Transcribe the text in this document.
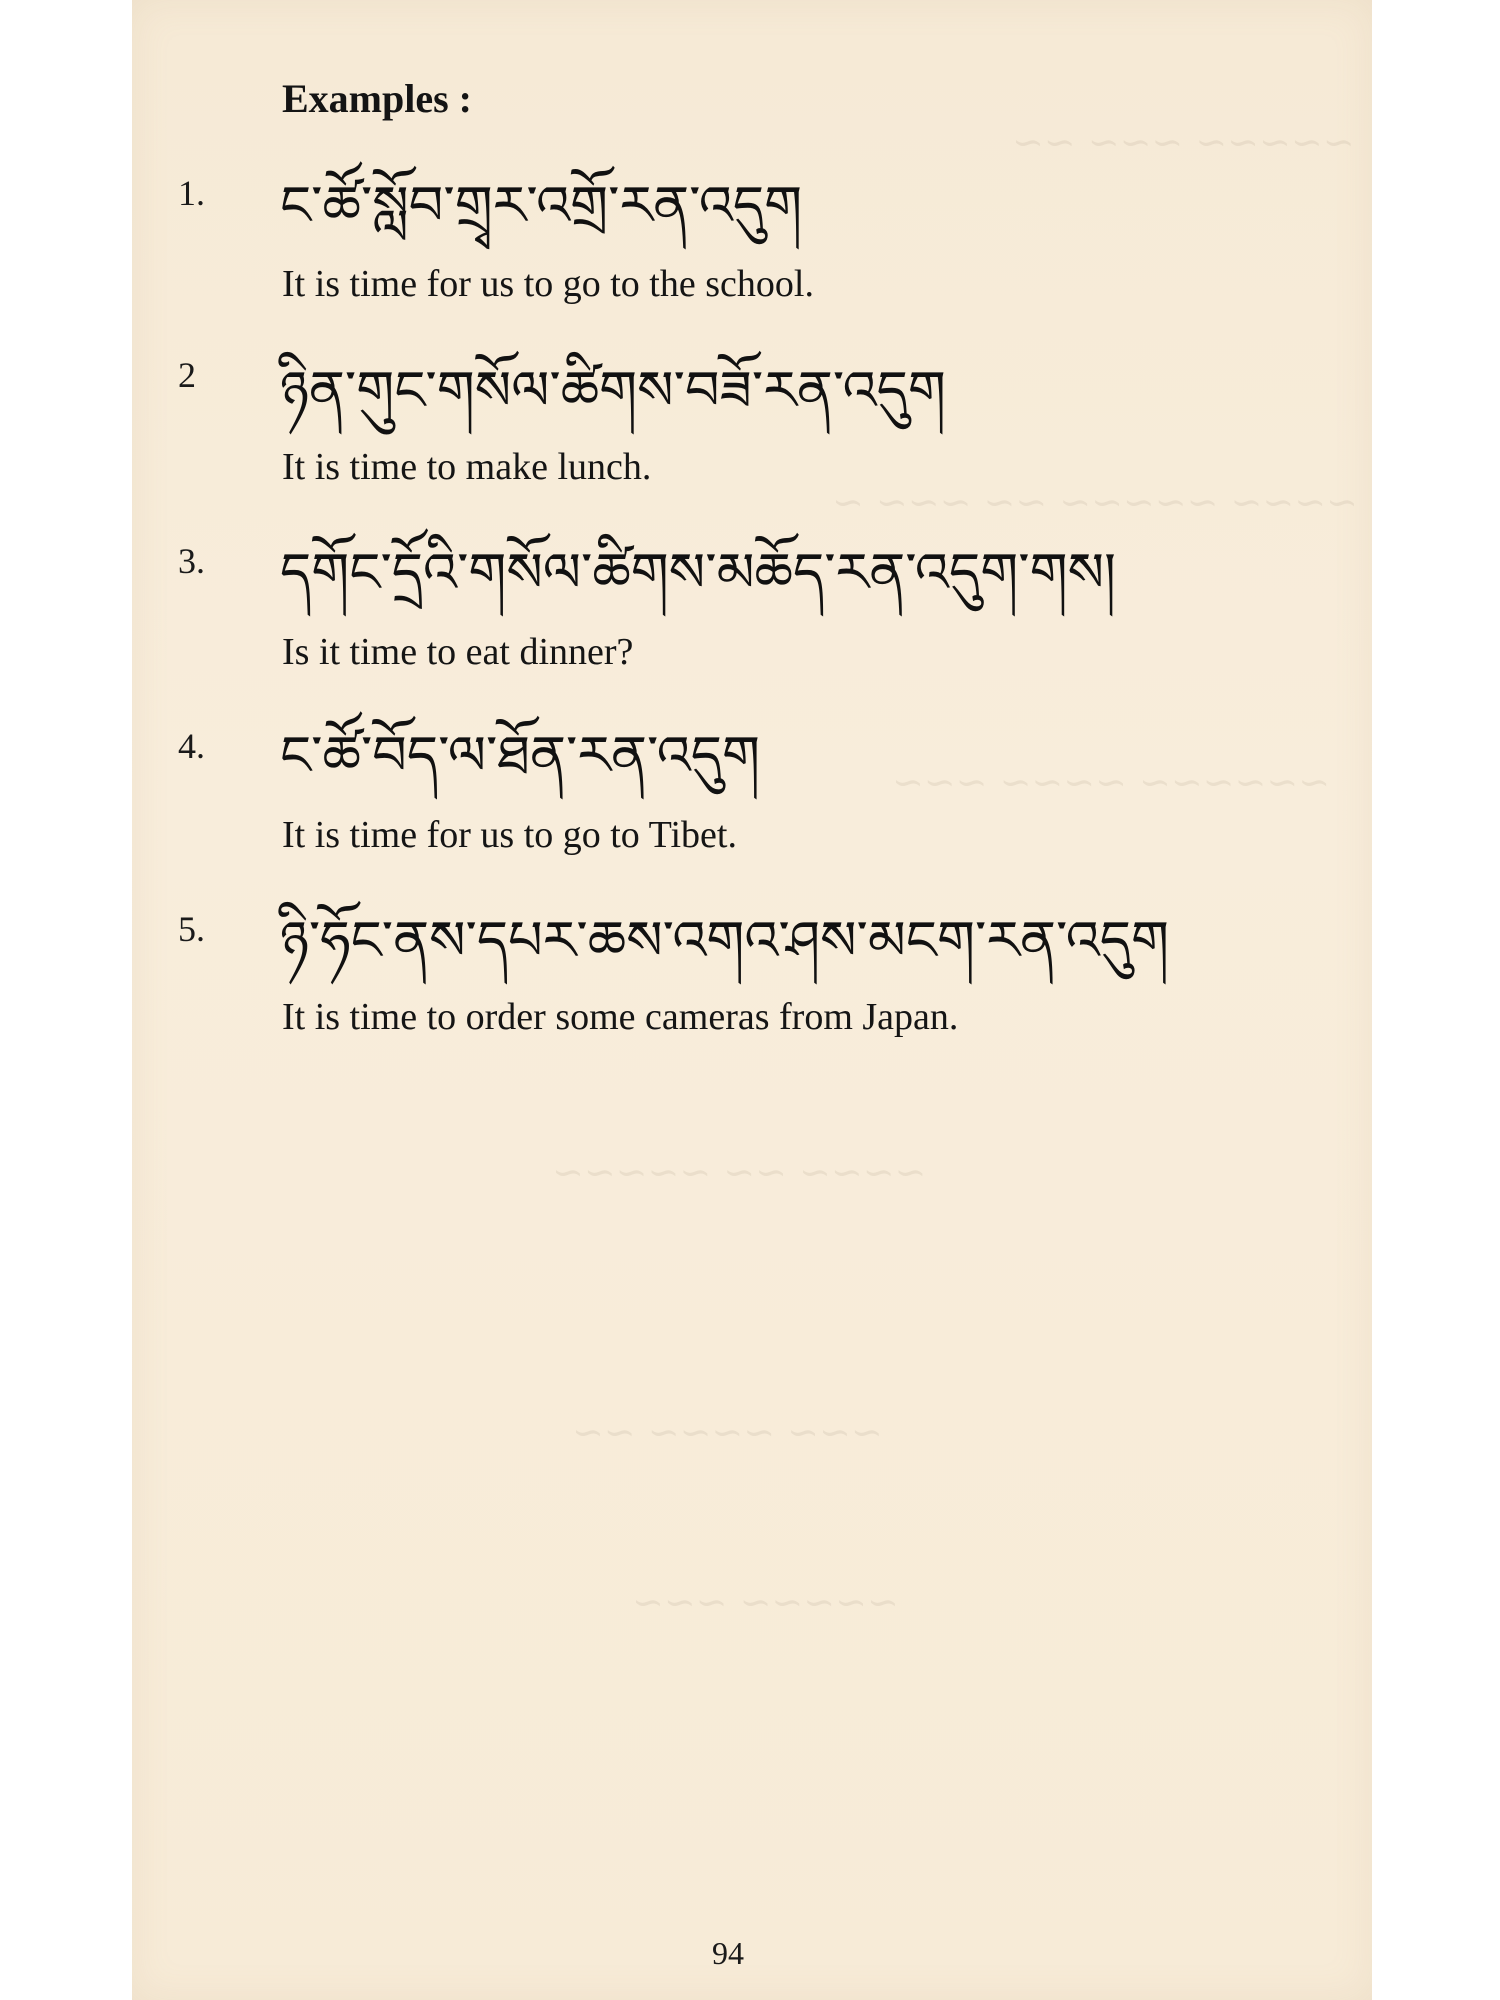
~~~~~ ~~~ ~~
~~~~ ~~~~~ ~~ ~~~ ~
~~~~~~ ~~~~ ~~~
~~~~ ~~ ~~~~~
~~~ ~~~~ ~~
~~~~~ ~~~
Examples :
1. ང་ཚོ་སློབ་གྲྭར་འགྲོ་རན་འདུག
It is time for us to go to the school.
2 ཉིན་གུང་གསོལ་ཚིགས་བཟོ་རན་འདུག
It is time to make lunch.
3. དགོང་དྲོའི་གསོལ་ཚིགས་མཆོད་རན་འདུག་གས།
Is it time to eat dinner?
4. ང་ཚོ་བོད་ལ་ཐོན་རན་འདུག
It is time for us to go to Tibet.
5. ཉི་ཧོང་ནས་དཔར་ཆས་འགའ་ཤས་མངག་རན་འདུག
It is time to order some cameras from Japan.
94
